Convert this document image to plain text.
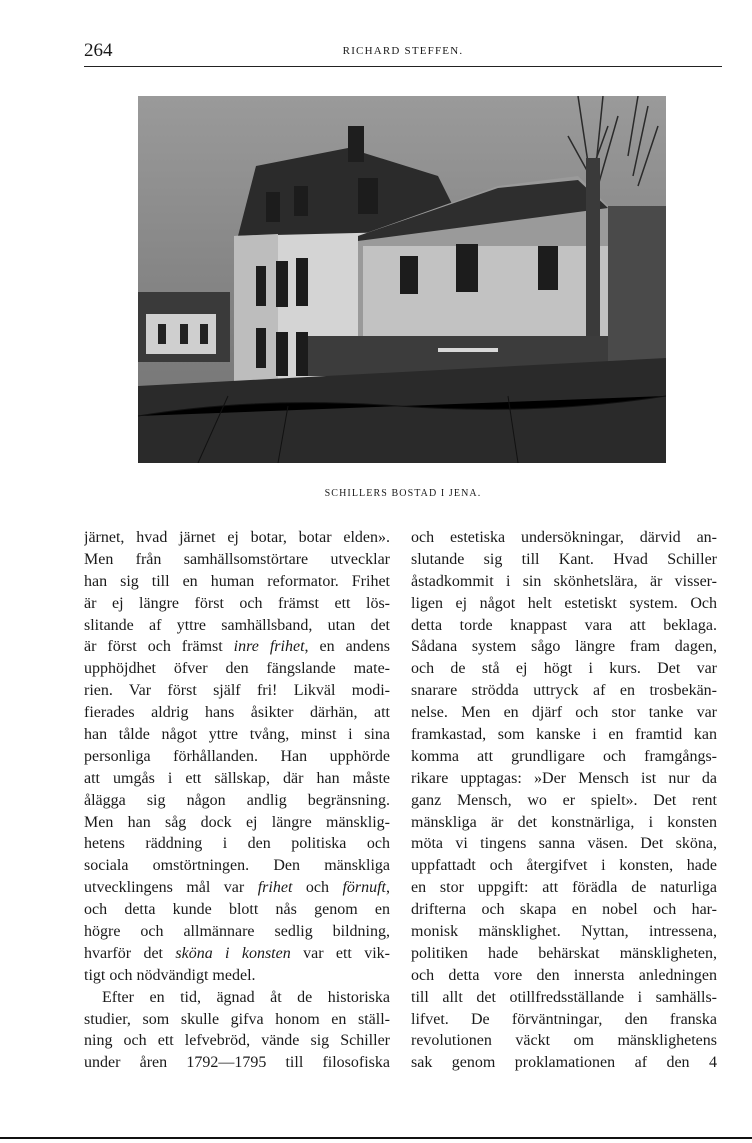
264	RICHARD STEFFEN.
SCHILLERS BOSTAD I JENA.
järnet, hvad järnet ej botar, botar elden».
Men från samhällsomstörtare utvecklar
han sig till en human reformator. Frihet
är ej längre först och främst ett lös-
slitande af yttre samhällsband, utan det
är först och främst inre frihet, en andens
upphöjdhet öfver den fängslande mate-
rien. Var först själf fri! Likväl modi-
fierades aldrig hans åsikter därhän, att
han tålde något yttre tvång, minst i sina
personliga förhållanden. Han upphörde
att umgås i ett sällskap, där han måste
ålägga sig någon andlig begränsning.
Men han såg dock ej längre mänsklig-
hetens räddning i den politiska och
sociala omstörtningen. Den mänskliga
utvecklingens mål var frihet och förnuft,
och detta kunde blott nås genom en
högre och allmännare sedlig bildning,
hvarför det sköna i konsten var ett vik-
tigt och nödvändigt medel.
Efter en tid, ägnad åt de historiska
studier, som skulle gifva honom en ställ-
ning och ett lefvebröd, vände sig Schiller
under åren 1792—1795 till filosofiska
och estetiska undersökningar, därvid an-
slutande sig till Kant. Hvad Schiller
åstadkommit i sin skönhetslära, är visser-
ligen ej något helt estetiskt system. Och
detta torde knappast vara att beklaga.
Sådana system sågo längre fram dagen,
och de stå ej högt i kurs. Det var
snarare strödda uttryck af en trosbekän-
nelse. Men en djärf och stor tanke var
framkastad, som kanske i en framtid kan
komma att grundligare och framgångs-
rikare upptagas: »Der Mensch ist nur da
ganz Mensch, wo er spielt». Det rent
mänskliga är det konstnärliga, i konsten
möta vi tingens sanna väsen. Det sköna,
uppfattadt och återgifvet i konsten, hade
en stor uppgift: att förädla de naturliga
drifterna och skapa en nobel och har-
monisk mänsklighet. Nyttan, intressena,
politiken hade behärskat mänskligheten,
och detta vore den innersta anledningen
till allt det otillfredsställande i samhälls-
lifvet. De förväntningar, den franska
revolutionen väckt om mänsklighetens
sak genom proklamationen af den 4
